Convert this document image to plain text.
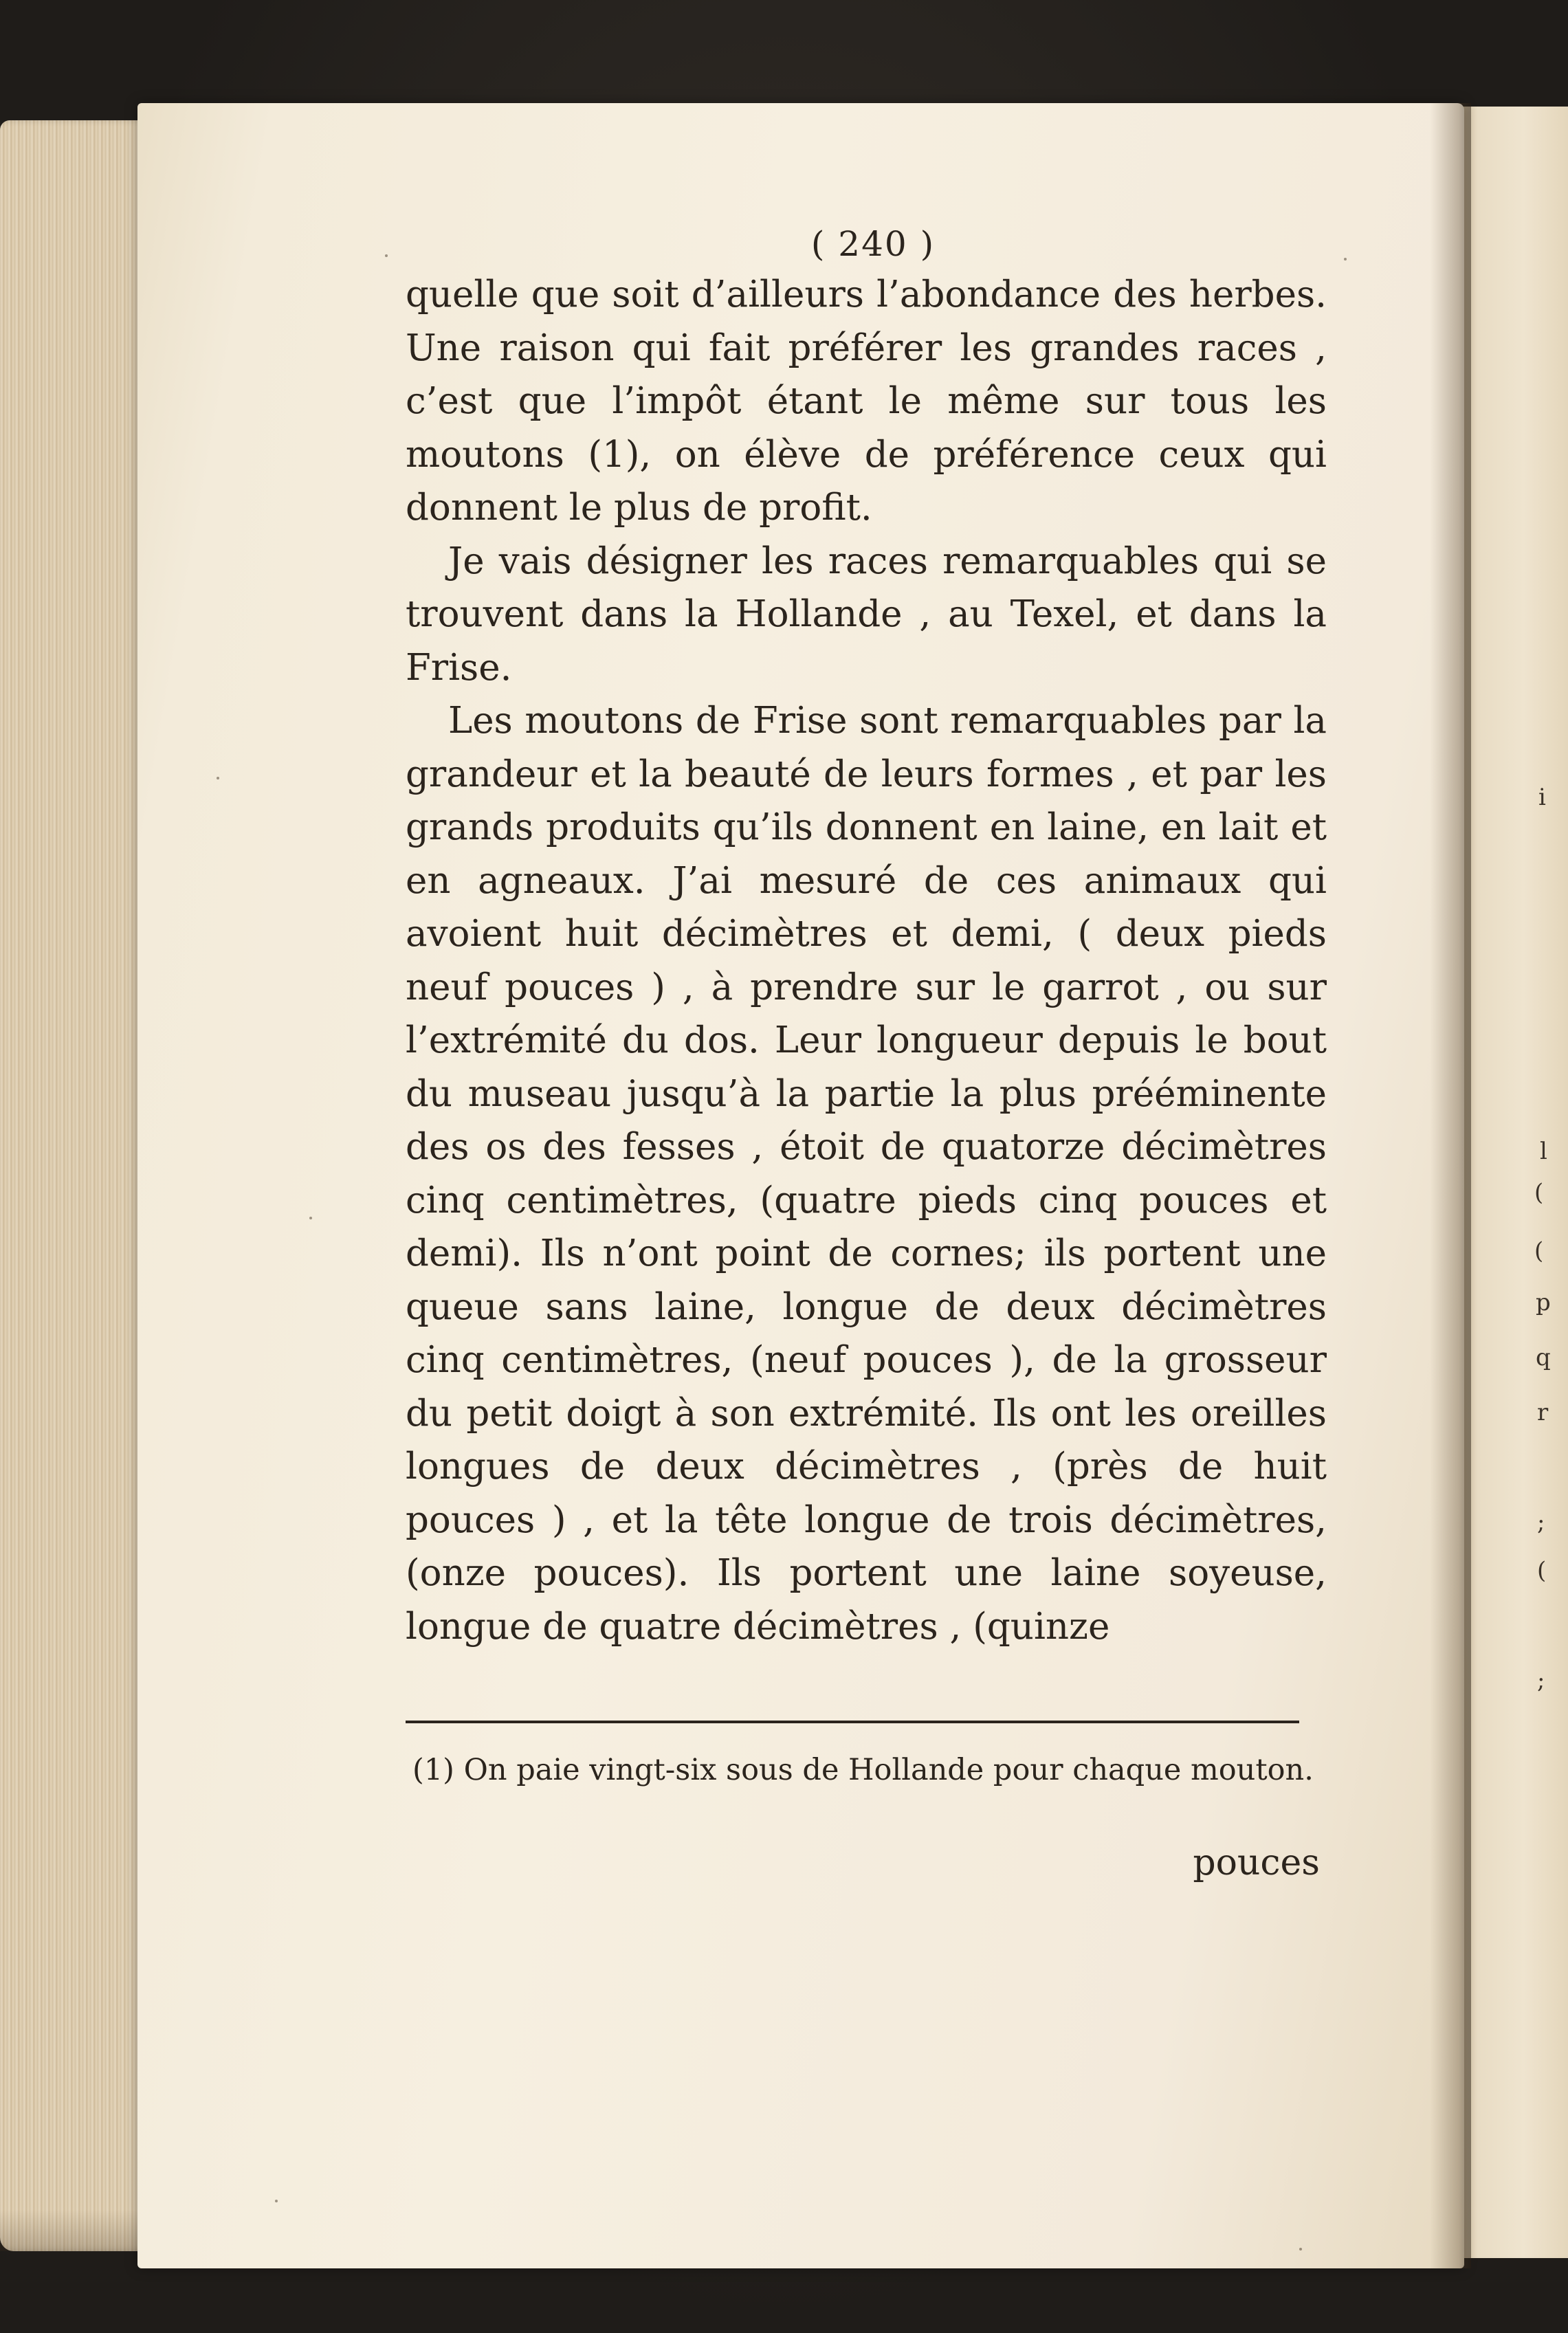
i
l
(
(
p
q
r
;
(
;
( 240 )

quelle que soit d’ailleurs l’abondance des herbes. Une raison qui fait préférer les grandes races , c’est que l’impôt étant le même sur tous les moutons (1), on élève de préférence ceux qui donnent le plus de profit.

Je vais désigner les races remarquables qui se trouvent dans la Hollande , au Texel, et dans la Frise.

Les moutons de Frise sont remarquables par la grandeur et la beauté de leurs formes , et par les grands produits qu’ils donnent en laine, en lait et en agneaux. J’ai mesuré de ces animaux qui avoient huit décimètres et demi, ( deux pieds neuf pouces ) , à prendre sur le garrot , ou sur l’extrémité du dos. Leur longueur depuis le bout du museau jusqu’à la partie la plus prééminente des os des fesses , étoit de quatorze décimètres cinq centimètres, (quatre pieds cinq pouces et demi). Ils n’ont point de cornes; ils portent une queue sans laine, longue de deux décimètres cinq centimètres, (neuf pouces ), de la grosseur du petit doigt à son extrémité. Ils ont les oreilles longues de deux décimètres , (près de huit pouces ) , et la tête longue de trois décimètres, (onze pouces). Ils portent une laine soyeuse, longue de quatre décimètres , (quinze

(1) On paie vingt-six sous de Hollande pour chaque mouton.
pouces
